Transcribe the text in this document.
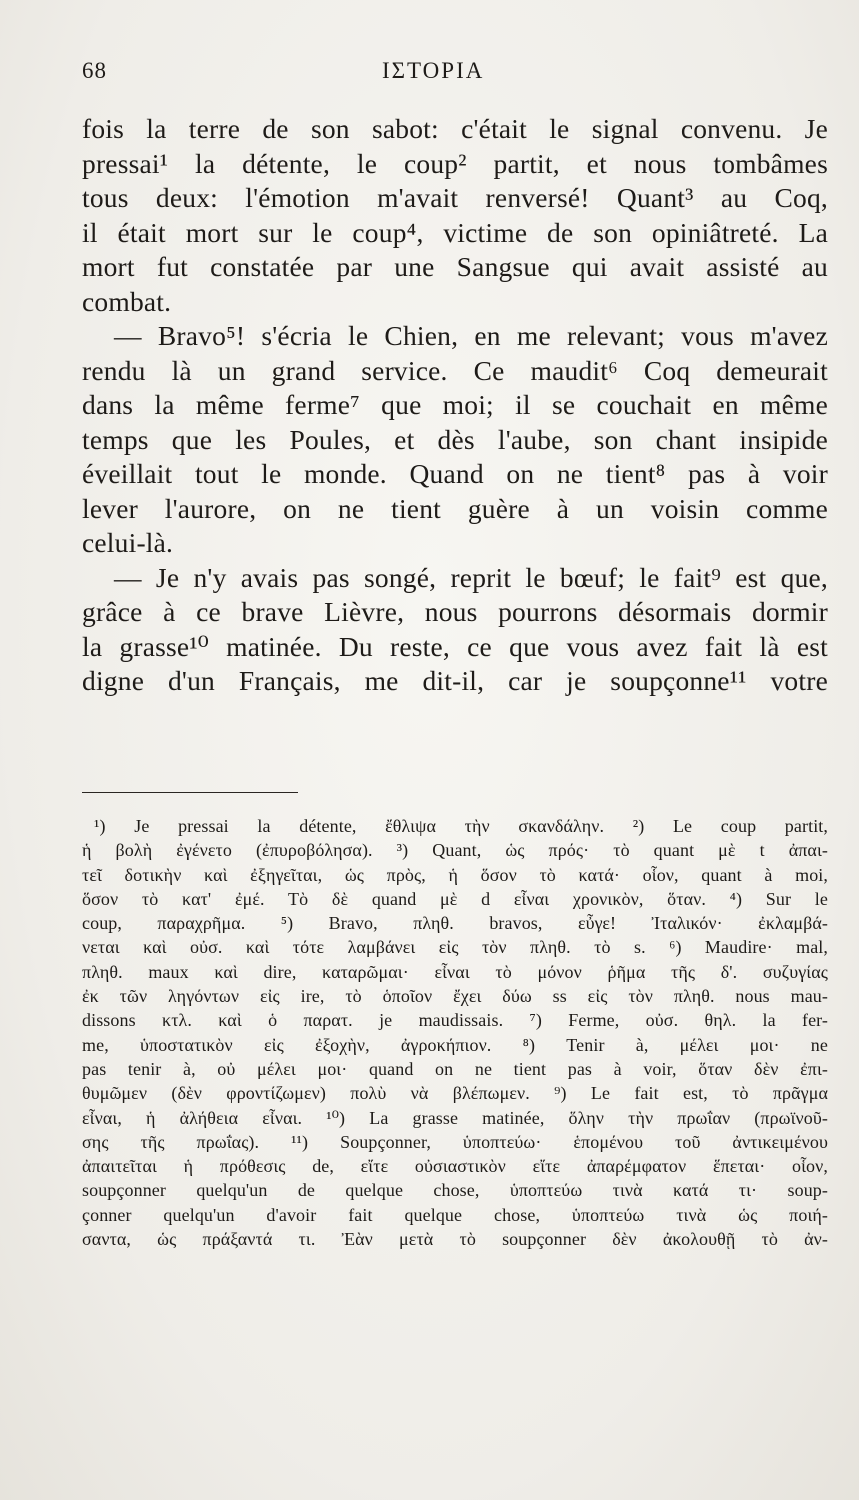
68	ΙΣΤΟΡΙΑ
fois la terre de son sabot: c'était le signal convenu. Je
pressai¹ la détente, le coup² partit, et nous tombâmes
tous deux: l'émotion m'avait renversé! Quant³ au Coq,
il était mort sur le coup⁴, victime de son opiniâtreté. La
mort fut constatée par une Sangsue qui avait assisté au
combat.
— Bravo⁵! s'écria le Chien, en me relevant; vous m'avez
rendu là un grand service. Ce maudit⁶ Coq demeurait
dans la même ferme⁷ que moi; il se couchait en même
temps que les Poules, et dès l'aube, son chant insipide
éveillait tout le monde. Quand on ne tient⁸ pas à voir
lever l'aurore, on ne tient guère à un voisin comme
celui-là.
— Je n'y avais pas songé, reprit le bœuf; le fait⁹ est que,
grâce à ce brave Lièvre, nous pourrons désormais dormir
la grasse¹⁰ matinée. Du reste, ce que vous avez fait là est
digne d'un Français, me dit-il, car je soupçonne¹¹ votre
¹) Je pressai la détente, ἔθλιψα τὴν σκανδάλην. ²) Le coup partit,
ἡ βολὴ ἐγένετο (ἐπυροβόλησα). ³) Quant, ὡς πρός· τὸ quant μὲ t ἀπαι-
τεῖ δοτικὴν καὶ ἐξηγεῖται, ὡς πρὸς, ἡ ὅσον τὸ κατά· οἷον, quant à moi,
ὅσον τὸ κατ' ἐμέ. Τὸ δὲ quand μὲ d εἶναι χρονικὸν, ὅταν. ⁴) Sur le
coup, παραχρῆμα. ⁵) Bravo, πληθ. bravos, εὖγε! Ἰταλικόν· ἐκλαμβά-
νεται καὶ οὐσ. καὶ τότε λαμβάνει εἰς τὸν πληθ. τὸ s. ⁶) Maudire· mal,
πληθ. maux καὶ dire, καταρῶμαι· εἶναι τὸ μόνον ῥῆμα τῆς δ'. συζυγίας
ἐκ τῶν ληγόντων εἰς ire, τὸ ὁποῖον ἔχει δύω ss εἰς τὸν πληθ. nous mau-
dissons κτλ. καὶ ὁ παρατ. je maudissais. ⁷) Ferme, οὐσ. θηλ. la fer-
me, ὑποστατικὸν εἰς ἐξοχὴν, ἀγροκήπιον. ⁸) Tenir à, μέλει μοι· ne
pas tenir à, οὐ μέλει μοι· quand on ne tient pas à voir, ὅταν δὲν ἐπι-
θυμῶμεν (δὲν φροντίζωμεν) πολὺ νὰ βλέπωμεν. ⁹) Le fait est, τὸ πρᾶγμα
εἶναι, ἡ ἀλήθεια εἶναι. ¹⁰) La grasse matinée, ὅλην τὴν πρωΐαν (πρωϊνοῦ-
σης τῆς πρωΐας). ¹¹) Soupçonner, ὑποπτεύω· ἑπομένου τοῦ ἀντικειμένου
ἀπαιτεῖται ἡ πρόθεσις de, εἴτε οὐσιαστικὸν εἴτε ἀπαρέμφατον ἕπεται· οἷον,
soupçonner quelqu'un de quelque chose, ὑποπτεύω τινὰ κατά τι· soup-
çonner quelqu'un d'avoir fait quelque chose, ὑποπτεύω τινὰ ὡς ποιή-
σαντα, ὡς πράξαντά τι. Ἐὰν μετὰ τὸ soupçonner δὲν ἀκολουθῇ τὸ ἀν-
